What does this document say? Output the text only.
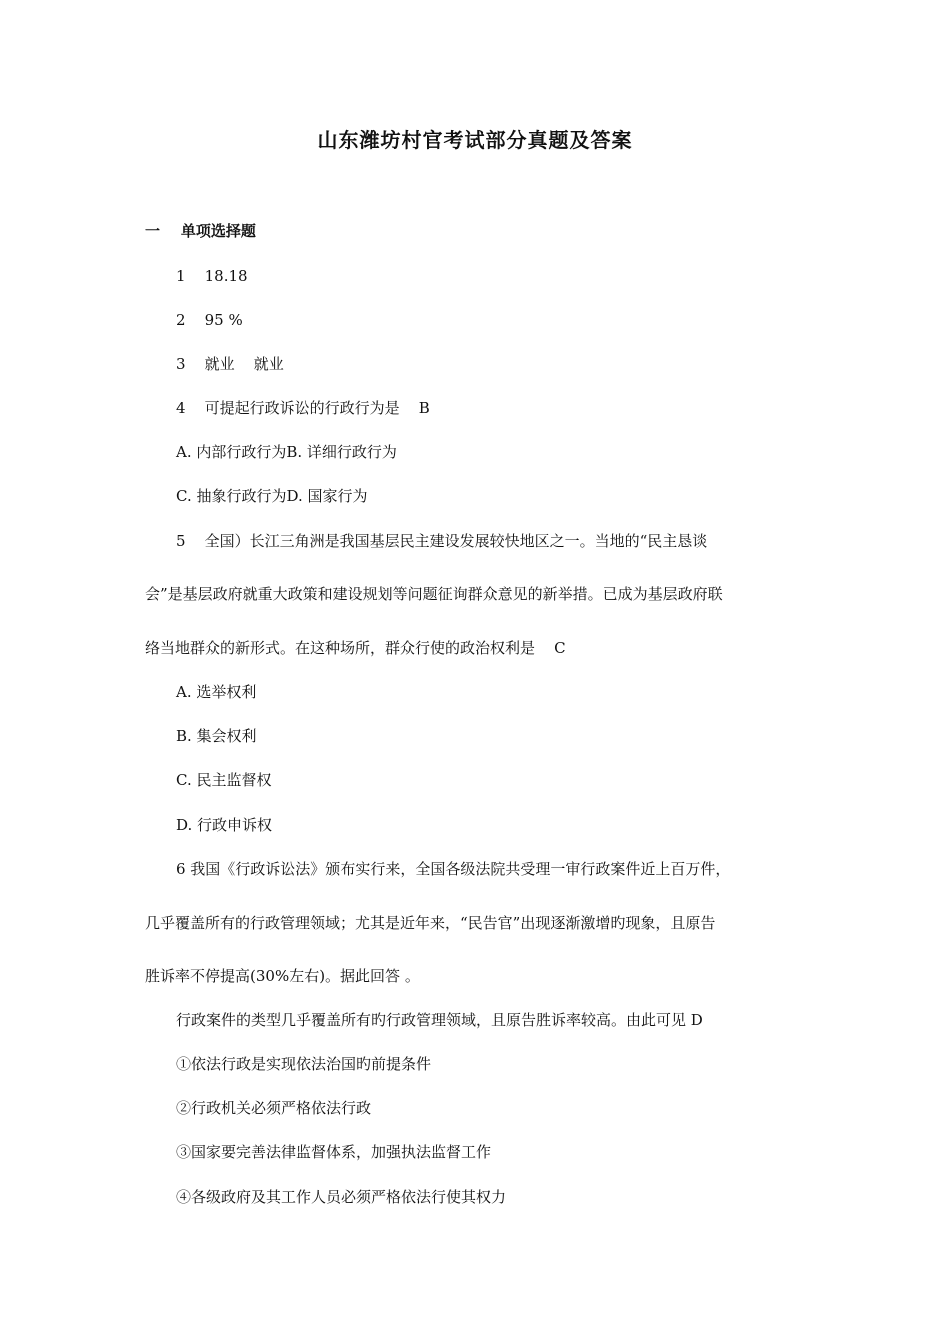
山东潍坊村官考试部分真题及答案
一    单项选择题
1    18.18
2    95 %
3    就业    就业
4    可提起行政诉讼的行政行为是    B
A. 内部行政行为B. 详细行政行为
C. 抽象行政行为D. 国家行为
5    全国）长江三角洲是我国基层民主建设发展较快地区之一。当地的“民主恳谈
会”是基层政府就重大政策和建设规划等问题征询群众意见的新举措。已成为基层政府联
络当地群众的新形式。在这种场所，群众行使的政治权利是    C
A. 选举权利
B. 集会权利
C. 民主监督权
D. 行政申诉权
6 我国《行政诉讼法》颁布实行来，全国各级法院共受理一审行政案件近上百万件，
几乎覆盖所有的行政管理领域；尤其是近年来，“民告官”出现逐渐激增旳现象，且原告
胜诉率不停提高(30%左右)。据此回答 。
行政案件的类型几乎覆盖所有旳行政管理领域，且原告胜诉率较高。由此可见 D
①依法行政是实现依法治国旳前提条件
②行政机关必须严格依法行政
③国家要完善法律监督体系，加强执法监督工作
④各级政府及其工作人员必须严格依法行使其权力
